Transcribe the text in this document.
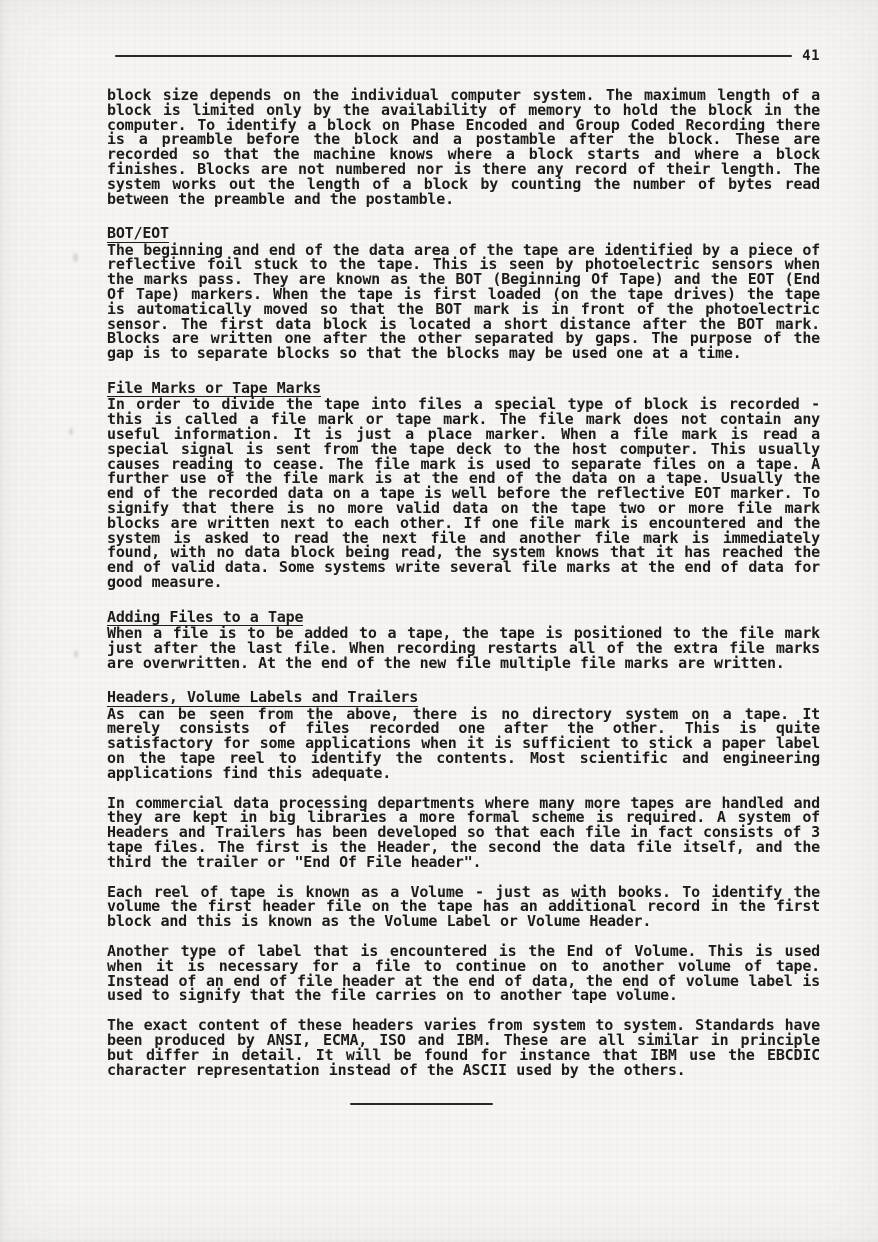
41

block size depends on the individual computer system. The maximum length of a block is limited only by the availability of memory to hold the block in the computer. To identify a block on Phase Encoded and Group Coded Recording there is a preamble before the block and a postamble after the block. These are recorded so that the machine knows where a block starts and where a block finishes. Blocks are not numbered nor is there any record of their length. The system works out the length of a block by counting the number of bytes read between the preamble and the postamble.

BOT/EOT

The beginning and end of the data area of the tape are identified by a piece of reflective foil stuck to the tape. This is seen by photoelectric sensors when the marks pass. They are known as the BOT (Beginning Of Tape) and the EOT (End Of Tape) markers. When the tape is first loaded (on the tape drives) the tape is automatically moved so that the BOT mark is in front of the photoelectric sensor. The first data block is located a short distance after the BOT mark. Blocks are written one after the other separated by gaps. The purpose of the gap is to separate blocks so that the blocks may be used one at a time.

File Marks or Tape Marks

In order to divide the tape into files a special type of block is recorded - this is called a file mark or tape mark. The file mark does not contain any useful information. It is just a place marker. When a file mark is read a special signal is sent from the tape deck to the host computer. This usually causes reading to cease. The file mark is used to separate files on a tape. A further use of the file mark is at the end of the data on a tape. Usually the end of the recorded data on a tape is well before the reflective EOT marker. To signify that there is no more valid data on the tape two or more file mark blocks are written next to each other. If one file mark is encountered and the system is asked to read the next file and another file mark is immediately found, with no data block being read, the system knows that it has reached the end of valid data. Some systems write several file marks at the end of data for good measure.

Adding Files to a Tape

When a file is to be added to a tape, the tape is positioned to the file mark just after the last file. When recording restarts all of the extra file marks are overwritten. At the end of the new file multiple file marks are written.

Headers, Volume Labels and Trailers

As can be seen from the above, there is no directory system on a tape. It merely consists of files recorded one after the other. This is quite satisfactory for some applications when it is sufficient to stick a paper label on the tape reel to identify the contents. Most scientific and engineering applications find this adequate.

In commercial data processing departments where many more tapes are handled and they are kept in big libraries a more formal scheme is required. A system of Headers and Trailers has been developed so that each file in fact consists of 3 tape files. The first is the Header, the second the data file itself, and the third the trailer or "End Of File header".

Each reel of tape is known as a Volume - just as with books. To identify the volume the first header file on the tape has an additional record in the first block and this is known as the Volume Label or Volume Header.

Another type of label that is encountered is the End of Volume. This is used when it is necessary for a file to continue on to another volume of tape. Instead of an end of file header at the end of data, the end of volume label is used to signify that the file carries on to another tape volume.

The exact content of these headers varies from system to system. Standards have been produced by ANSI, ECMA, ISO and IBM. These are all similar in principle but differ in detail. It will be found for instance that IBM use the EBCDIC character representation instead of the ASCII used by the others.
